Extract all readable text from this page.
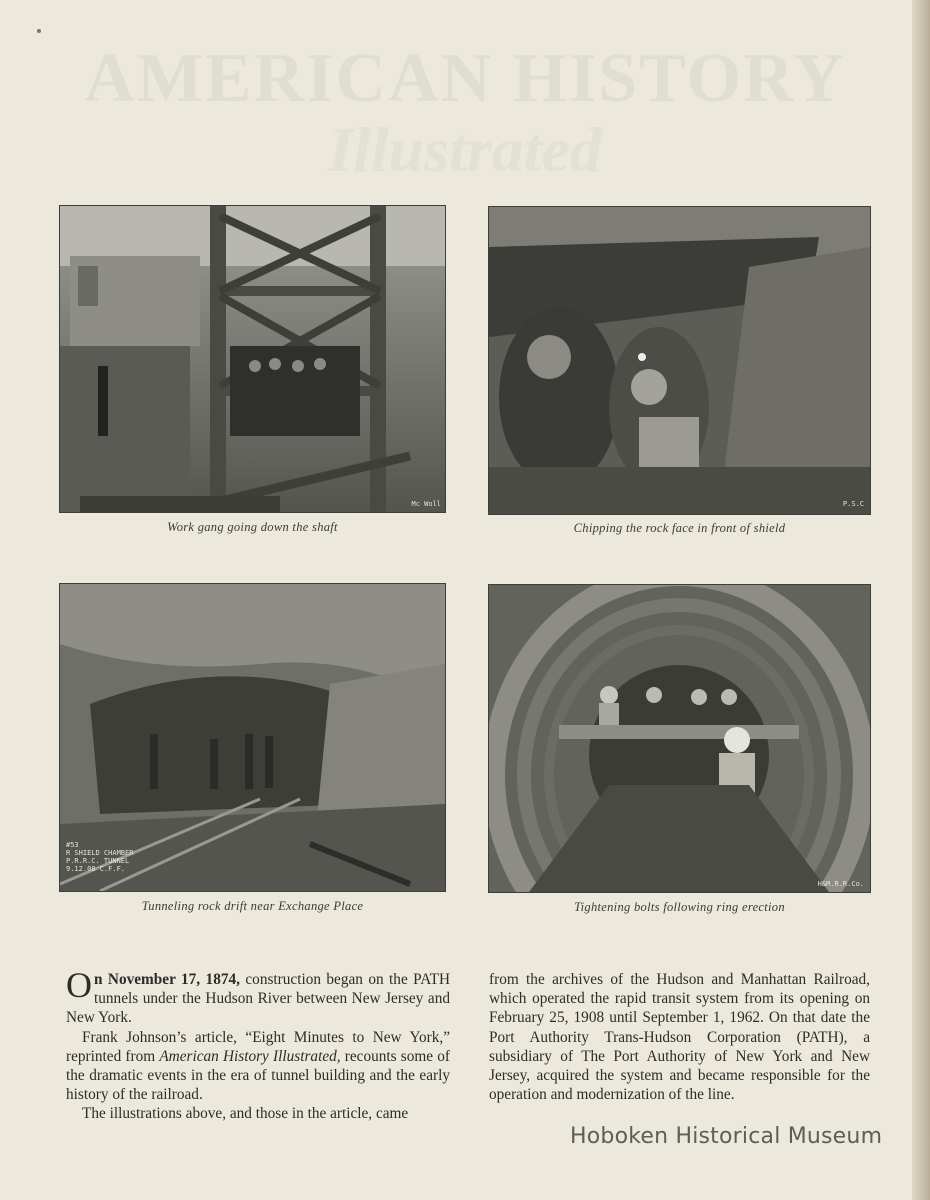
AMERICAN HISTORY
Illustrated
Mc Woll
Work gang going down the shaft
P.S.C
Chipping the rock face in front of shield
#53
R SHIELD CHAMBER
P.R.R.C. TUNNEL
9.12.08 C.F.F.
Tunneling rock drift near Exchange Place
H&M.R.R.Co.
Tightening bolts following ring erection

On November 17, 1874, construction began on the PATH tunnels under the Hudson River between New Jersey and New York.

Frank Johnson’s article, “Eight Minutes to New York,” reprinted from American History Illustrated, recounts some of the dramatic events in the era of tunnel building and the early history of the railroad.

The illustrations above, and those in the article, came

from the archives of the Hudson and Manhattan Railroad, which operated the rapid transit system from its opening on February 25, 1908 until September 1, 1962. On that date the Port Authority Trans-Hudson Corporation (PATH), a subsidiary of The Port Authority of New York and New Jersey, acquired the system and became responsible for the operation and modernization of the line.

Hoboken Historical Museum
